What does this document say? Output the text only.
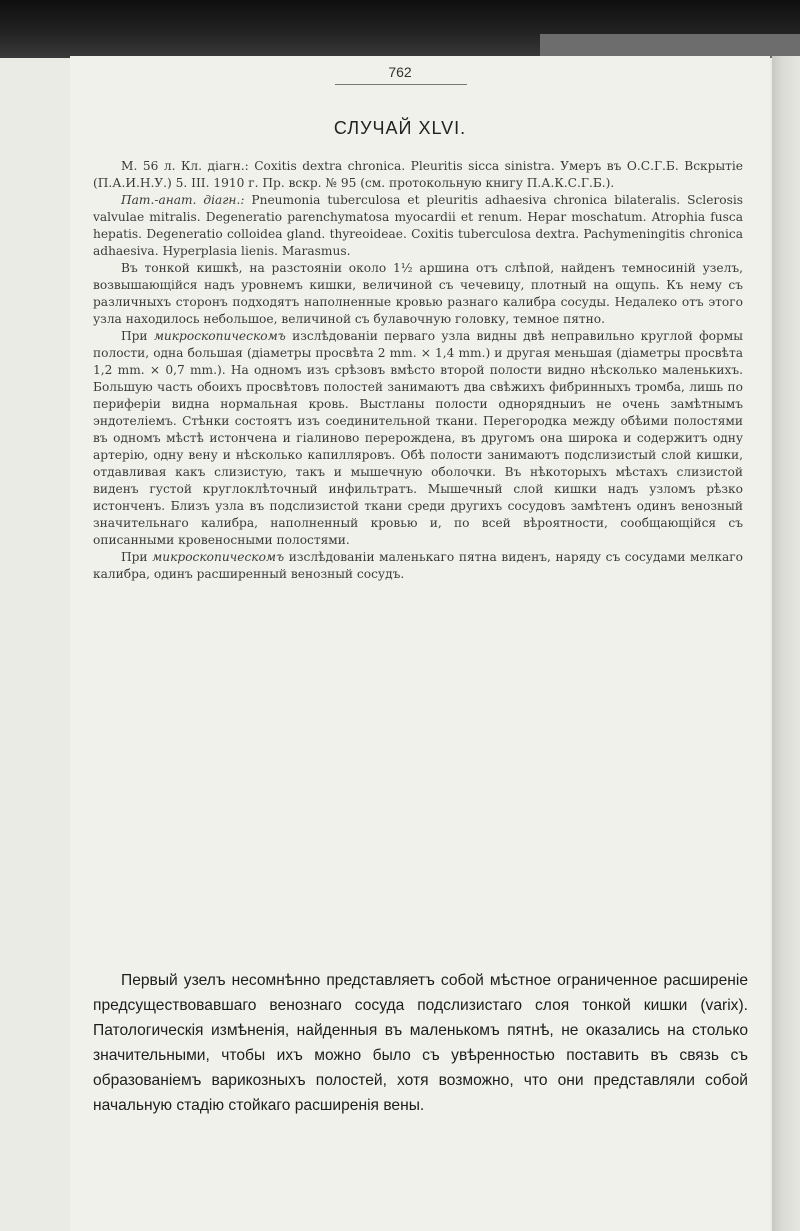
762
СЛУЧАЙ XLVI.

М. 56 л. Кл. діагн.: Coxitis dextra chronica. Pleuritis sicca sinistra. Умеръ въ О.С.Г.Б. Вскрытіе (П.А.И.Н.У.) 5. III. 1910 г. Пр. вскр. № 95 (см. протокольную книгу П.А.К.С.Г.Б.).

Пат.-анат. діагн.: Pneumonia tuberculosa et pleuritis adhaesiva chronica bilateralis. Sclerosis valvulae mitralis. Degeneratio parenchymatosa myocardii et renum. Hepar moschatum. Atrophia fusca hepatis. Degeneratio colloidea gland. thyreoideae. Coxitis tuberculosa dextra. Pachymeningitis chronica adhaesiva. Hyperplasia lienis. Marasmus.

Въ тонкой кишкѣ, на разстояніи около 1½ аршина отъ слѣпой, найденъ темносиній узелъ, возвышающійся надъ уровнемъ кишки, величиной съ чечевицу, плотный на ощупь. Къ нему съ различныхъ сторонъ подходятъ наполненные кровью разнаго калибра сосуды. Недалеко отъ этого узла находилось небольшое, величиной съ булавочную головку, темное пятно.

При микроскопическомъ изслѣдованіи перваго узла видны двѣ неправильно круглой формы полости, одна большая (діаметры просвѣта 2 mm. × 1,4 mm.) и другая меньшая (діаметры просвѣта 1,2 mm. × 0,7 mm.). На одномъ изъ срѣзовъ вмѣсто второй полости видно нѣсколько маленькихъ. Большую часть обоихъ просвѣтовъ полостей занимаютъ два свѣжихъ фибринныхъ тромба, лишь по периферіи видна нормальная кровь. Выстланы полости однорядныиъ не очень замѣтнымъ эндотеліемъ. Стѣнки состоятъ изъ соединительной ткани. Перегородка между обѣими полостями въ одномъ мѣстѣ истончена и гіалиново перерождена, въ другомъ она широка и содержитъ одну артерію, одну вену и нѣсколько капилляровъ. Обѣ полости занимаютъ подслизистый слой кишки, отдавливая какъ слизистую, такъ и мышечную оболочки. Въ нѣкоторыхъ мѣстахъ слизистой виденъ густой круглоклѣточный инфильтратъ. Мышечный слой кишки надъ узломъ рѣзко истонченъ. Близъ узла въ подслизистой ткани среди другихъ сосудовъ замѣтенъ одинъ венозный значительнаго калибра, наполненный кровью и, по всей вѣроятности, сообщающійся съ описанными кровеносными полостями.

При микроскопическомъ изслѣдованіи маленькаго пятна виденъ, наряду съ сосудами мелкаго калибра, одинъ расширенный венозный сосудъ.

Первый узелъ несомнѣнно представляетъ собой мѣстное ограниченное расширеніе предсуществовавшаго венознаго сосуда подслизистаго слоя тонкой кишки (varix). Патологическія измѣненія, найденныя въ маленькомъ пятнѣ, не оказались на столько значительными, чтобы ихъ можно было съ увѣренностью поставить въ связь съ образованіемъ варикозныхъ полостей, хотя возможно, что они представляли собой начальную стадію стойкаго расширенія вены.
